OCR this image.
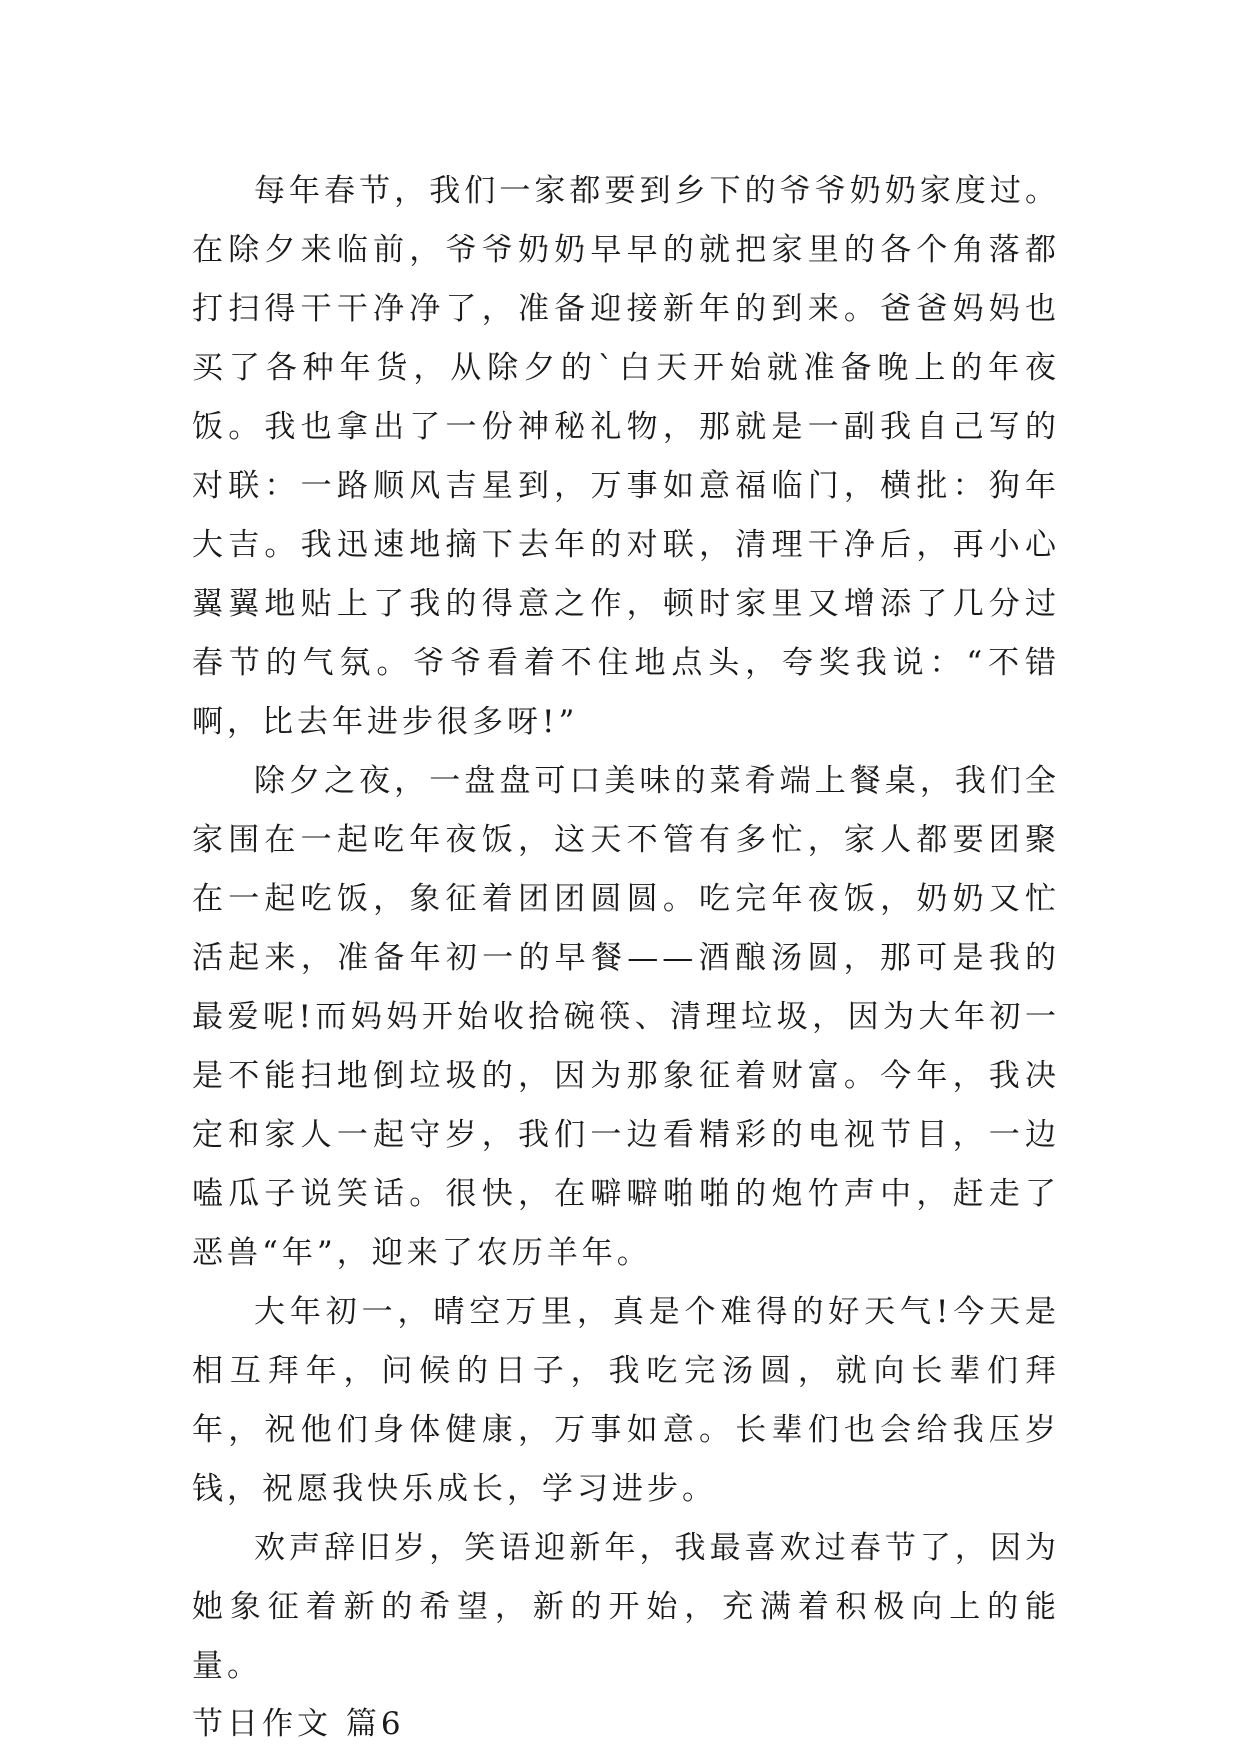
每年春节，我们一家都要到乡下的爷爷奶奶家度过。在除夕来临前，爷爷奶奶早早的就把家里的各个角落都打扫得干干净净了，准备迎接新年的到来。爸爸妈妈也买了各种年货，从除夕的`白天开始就准备晚上的年夜饭。我也拿出了一份神秘礼物，那就是一副我自己写的对联：一路顺风吉星到，万事如意福临门，横批：狗年大吉。我迅速地摘下去年的对联，清理干净后，再小心翼翼地贴上了我的得意之作，顿时家里又增添了几分过春节的气氛。爷爷看着不住地点头，夸奖我说：“不错啊，比去年进步很多呀!”

除夕之夜，一盘盘可口美味的菜肴端上餐桌，我们全家围在一起吃年夜饭，这天不管有多忙，家人都要团聚在一起吃饭，象征着团团圆圆。吃完年夜饭，奶奶又忙活起来，准备年初一的早餐——酒酿汤圆，那可是我的最爱呢!而妈妈开始收拾碗筷、清理垃圾，因为大年初一是不能扫地倒垃圾的，因为那象征着财富。今年，我决定和家人一起守岁，我们一边看精彩的电视节目，一边嗑瓜子说笑话。很快，在噼噼啪啪的炮竹声中，赶走了恶兽“年”，迎来了农历羊年。

大年初一，晴空万里，真是个难得的好天气!今天是相互拜年，问候的日子，我吃完汤圆，就向长辈们拜年，祝他们身体健康，万事如意。长辈们也会给我压岁钱，祝愿我快乐成长，学习进步。

欢声辞旧岁，笑语迎新年，我最喜欢过春节了，因为她象征着新的希望，新的开始，充满着积极向上的能量。

节日作文 篇6
